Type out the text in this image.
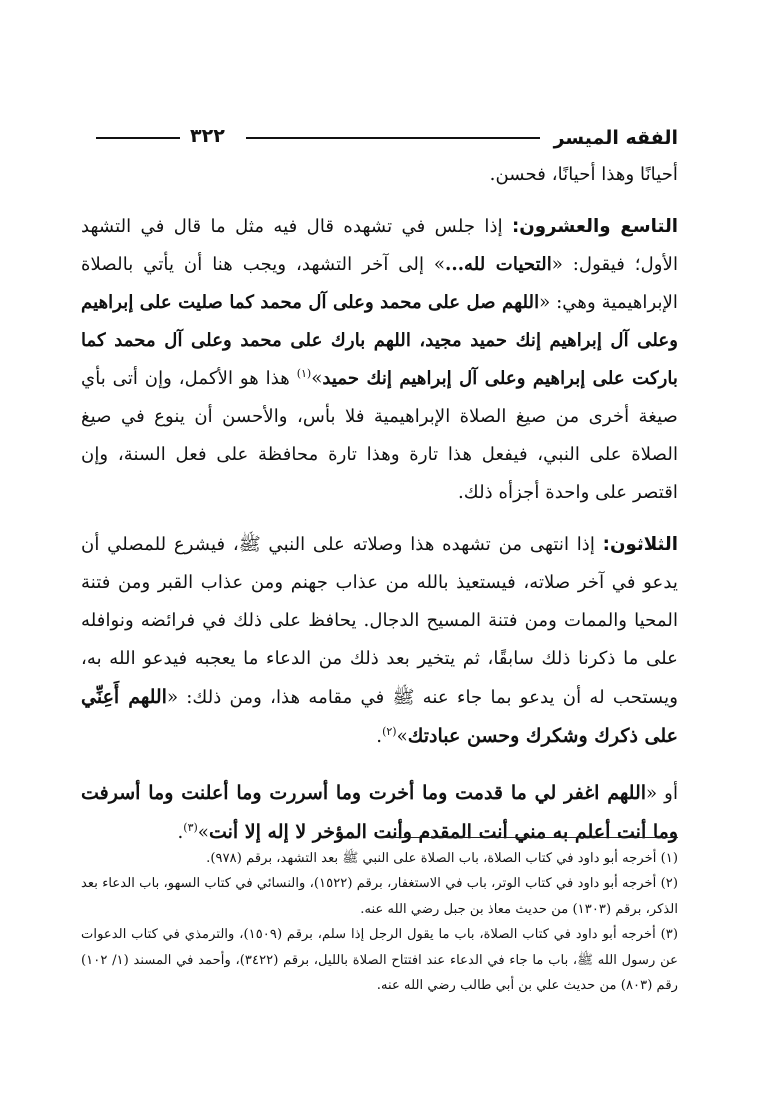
الفقه الميسر
٣٢٢

أحيانًا وهذا أحيانًا، فحسن.

التاسع والعشرون: إذا جلس في تشهده قال فيه مثل ما قال في التشهد الأول؛ فيقول: «التحيات لله...» إلى آخر التشهد، ويجب هنا أن يأتي بالصلاة الإبراهيمية وهي: «اللهم صل على محمد وعلى آل محمد كما صليت على إبراهيم وعلى آل إبراهيم إنك حميد مجيد، اللهم بارك على محمد وعلى آل محمد كما باركت على إبراهيم وعلى آل إبراهيم إنك حميد»$^{(١)}$ هذا هو الأكمل، وإن أتى بأي صيغة أخرى من صيغ الصلاة الإبراهيمية فلا بأس، والأحسن أن ينوع في صيغ الصلاة على النبي، فيفعل هذا تارة وهذا تارة محافظة على فعل السنة، وإن اقتصر على واحدة أجزأه ذلك.

الثلاثون: إذا انتهى من تشهده هذا وصلاته على النبي ﷺ، فيشرع للمصلي أن يدعو في آخر صلاته، فيستعيذ بالله من عذاب جهنم ومن عذاب القبر ومن فتنة المحيا والممات ومن فتنة المسيح الدجال. يحافظ على ذلك في فرائضه ونوافله على ما ذكرنا ذلك سابقًا، ثم يتخير بعد ذلك من الدعاء ما يعجبه فيدعو الله به، ويستحب له أن يدعو بما جاء عنه ﷺ في مقامه هذا، ومن ذلك: «اللهم أَعِنِّي على ذكرك وشكرك وحسن عبادتك»$^{(٢)}$.

أو «اللهم اغفر لي ما قدمت وما أخرت وما أسررت وما أعلنت وما أسرفت وما أنت أعلم به مني أنت المقدم وأنت المؤخر لا إله إلا أنت»$^{(٣)}$.

(١) أخرجه أبو داود في كتاب الصلاة، باب الصلاة على النبي ﷺ بعد التشهد، برقم (٩٧٨).

(٢) أخرجه أبو داود في كتاب الوتر، باب في الاستغفار، برقم (١٥٢٢)، والنسائي في كتاب السهو، باب الدعاء بعد الذكر، برقم (١٣٠٣) من حديث معاذ بن جبل رضي الله عنه.

(٣) أخرجه أبو داود في كتاب الصلاة، باب ما يقول الرجل إذا سلم، برقم (١٥٠٩)، والترمذي في كتاب الدعوات عن رسول الله ﷺ، باب ما جاء في الدعاء عند افتتاح الصلاة بالليل، برقم (٣٤٢٢)، وأحمد في المسند (١/ ١٠٢) رقم (٨٠٣) من حديث علي بن أبي طالب رضي الله عنه.
